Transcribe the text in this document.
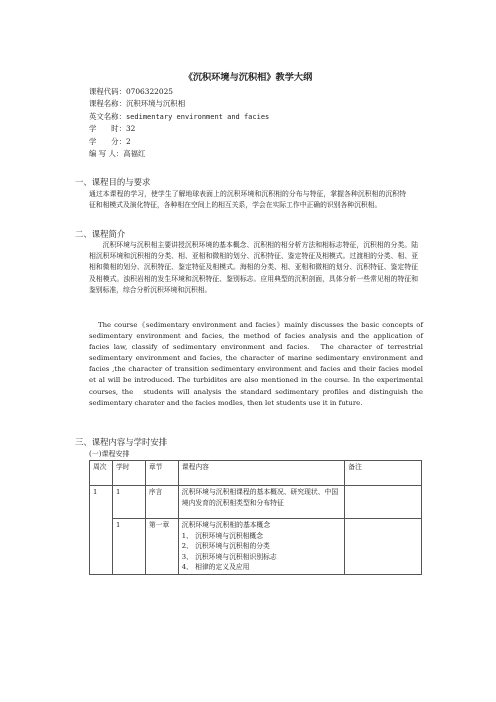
《沉积环境与沉积相》教学大纲
课程代码：0706322025
课程名称：沉积环境与沉积相
英文名称：sedimentary environment and facies
学　　时：32
学　　分：2
编 写 人：高福红
一、课程目的与要求
通过本课程的学习，使学生了解地球表面上的沉积环境和沉积相的分布与特征，掌握各种沉积相的沉积特征和相模式及演化特征，各种相在空间上的相互关系，学会在实际工作中正确的识别各种沉积相。
二、课程简介
沉积环境与沉积相主要讲授沉积环境的基本概念、沉积相的相分析方法和相标志特征，沉积相的分类。陆相沉积环境和沉积相的分类、相、亚相和微相的划分、沉积特征、鉴定特征及相模式。过渡相的分类、相、亚相和微相的划分、沉积特征、鉴定特征及相模式。海相的分类、相、亚相和微相的划分、沉积特征、鉴定特征及相模式。浊积岩相的发生环境和沉积特征、鉴别标志。应用典型的沉积剖面，具体分析一些常见相的特征和鉴别标准，综合分析沉积环境和沉积相。
The course《sedimentary environment and facies》mainly discusses the basic concepts of sedimentary environment and facies, the method of facies analysis and the application of facies law, classify of sedimentary environment and facies.　The character of terrestrial sedimentary environment and facies, the character of marine sedimentary environment and facies ,the character of transition sedimentary environment and facies and their facies model et al will be introduced. The turbidites are also mentioned in the course. In the experimental courses, the　students will analysis the standard sedimentary profiles and distinguish the sedimentary charater and the facies modles, then let students use it in future.
三、课程内容与学时安排
(一)课程安排
周次	学时	章节	课程内容	备注
1	1	序言	沉积环境与沉积相课程的基本概况、研究现状、中国境内发育的沉积相类型和分布特征	
	1	第一章	沉积环境与沉积相的基本概念
1、 沉积环境与沉积相概念
2、 沉积环境与沉积相的分类
3、 沉积环境与沉积相识别标志
4、 相律的定义及应用	
